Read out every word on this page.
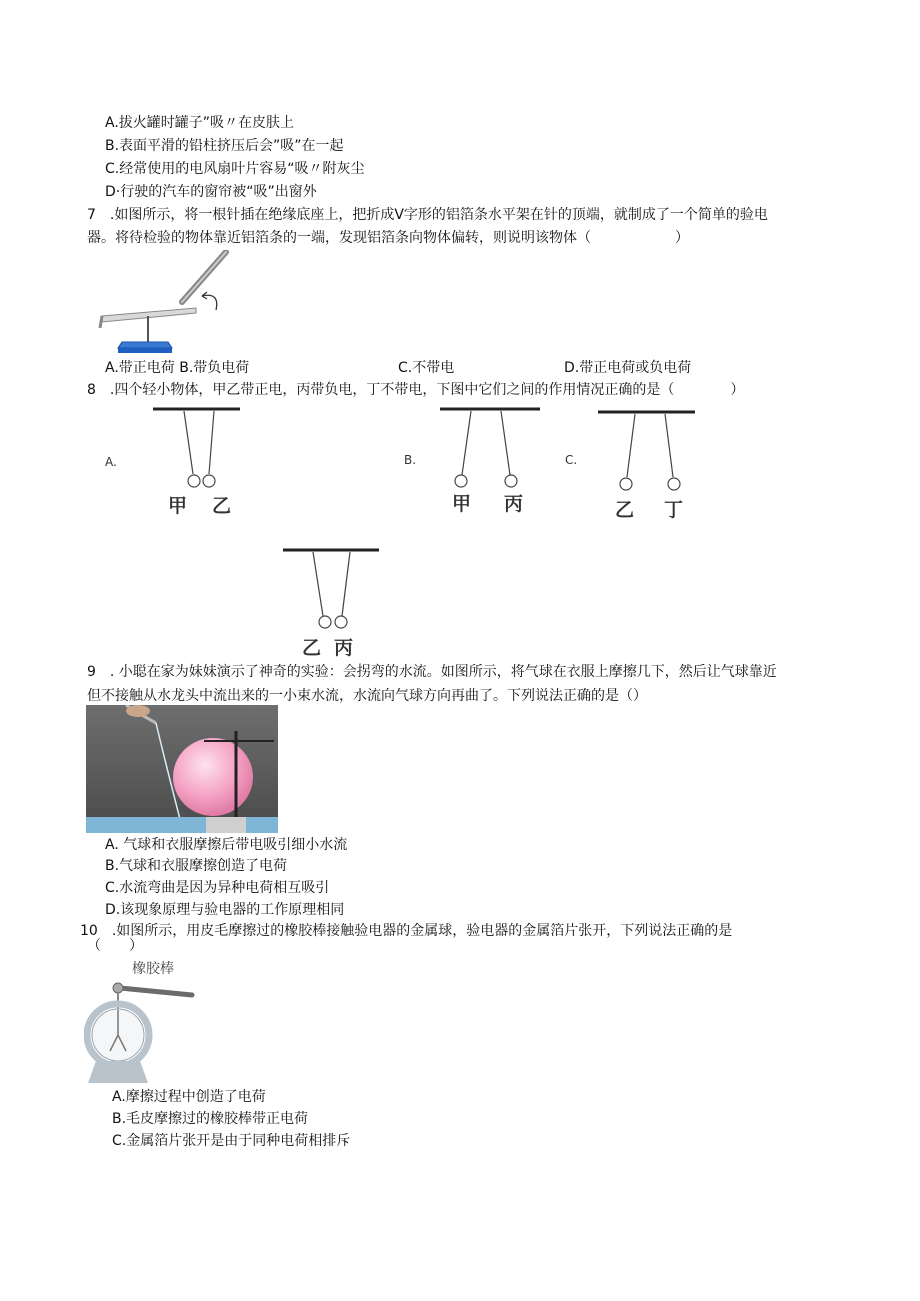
A.拔火罐时罐子”吸〃在皮肤上
B.表面平滑的铅柱挤压后会”吸”在一起
C.经常使用的电风扇叶片容易“吸〃附灰尘
D·行驶的汽车的窗帘被“吸”出窗外
7　.如图所示，将一根针插在绝缘底座上，把折成V字形的铝箔条水平架在针的顶端，就制成了一个简单的验电
器。将待检验的物体靠近铝箔条的一端，发现铝箔条向物体偏转，则说明该物体（　　　　　　）
A.带正电荷 B.带负电荷	C.不带电	D.带正电荷或负电荷
8　.四个轻小物体，甲乙带正电，丙带负电，丁不带电，下图中它们之间的作用情况正确的是（　　　　）
A.
甲 乙
B.
甲 丙
C.
乙 丁
乙 丙
9　. 小聪在家为妹妹演示了神奇的实验：会拐弯的水流。如图所示，将气球在衣服上摩擦几下，然后让气球靠近
但不接触从水龙头中流出来的一小束水流，水流向气球方向再曲了。下列说法正确的是（）
A. 气球和衣服摩擦后带电吸引细小水流
B.气球和衣服摩擦创造了电荷
C.水流弯曲是因为异种电荷相互吸引
D.该现象原理与验电器的工作原理相同
10　.如图所示，用皮毛摩擦过的橡胶棒接触验电器的金属球，验电器的金属箔片张开，下列说法正确的是
（　　）
橡胶棒
A.摩擦过程中创造了电荷
B.毛皮摩擦过的橡胶棒带正电荷
C.金属箔片张开是由于同种电荷相排斥
